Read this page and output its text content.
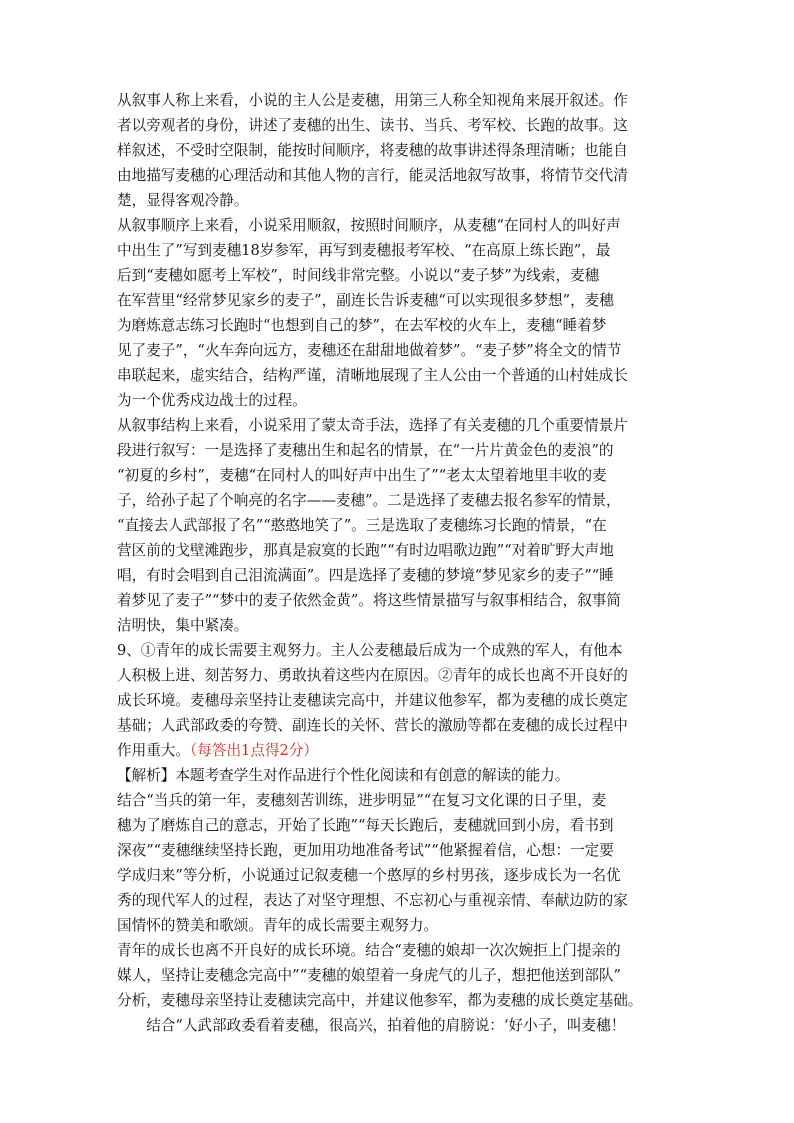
从叙事人称上来看，小说的主人公是麦穗，用第三人称全知视角来展开叙述。作
者以旁观者的身份，讲述了麦穗的出生、读书、当兵、考军校、长跑的故事。这
样叙述，不受时空限制，能按时间顺序，将麦穗的故事讲述得条理清晰；也能自
由地描写麦穗的心理活动和其他人物的言行，能灵活地叙写故事，将情节交代清
楚，显得客观冷静。

从叙事顺序上来看，小说采用顺叙，按照时间顺序，从麦穗“在同村人的叫好声
中出生了”写到麦穗18岁参军，再写到麦穗报考军校、“在高原上练长跑”，最
后到“麦穗如愿考上军校”，时间线非常完整。小说以“麦子梦”为线索，麦穗
在军营里“经常梦见家乡的麦子”，副连长告诉麦穗“可以实现很多梦想”，麦穗
为磨炼意志练习长跑时“也想到自己的梦”，在去军校的火车上，麦穗“睡着梦
见了麦子”，“火车奔向远方，麦穗还在甜甜地做着梦”。“麦子梦”将全文的情节
串联起来，虚实结合，结构严谨，清晰地展现了主人公由一个普通的山村娃成长
为一个优秀戍边战士的过程。

从叙事结构上来看，小说采用了蒙太奇手法，选择了有关麦穗的几个重要情景片
段进行叙写：一是选择了麦穗出生和起名的情景，在“一片片黄金色的麦浪”的
“初夏的乡村”，麦穗“在同村人的叫好声中出生了”“老太太望着地里丰收的麦
子，给孙子起了个响亮的名字——麦穗”。二是选择了麦穗去报名参军的情景，
“直接去人武部报了名”“憨憨地笑了”。三是选取了麦穗练习长跑的情景，“在
营区前的戈壁滩跑步，那真是寂寞的长跑”“有时边唱歌边跑”“对着旷野大声地
唱，有时会唱到自己泪流满面”。四是选择了麦穗的梦境“梦见家乡的麦子”“睡
着梦见了麦子”“梦中的麦子依然金黄”。将这些情景描写与叙事相结合，叙事简
洁明快，集中紧凑。

9、①青年的成长需要主观努力。主人公麦穗最后成为一个成熟的军人，有他本
人积极上进、刻苦努力、勇敢执着这些内在原因。②青年的成长也离不开良好的
成长环境。麦穗母亲坚持让麦穗读完高中，并建议他参军，都为麦穗的成长奠定
基础；人武部政委的夸赞、副连长的关怀、营长的激励等都在麦穗的成长过程中
作用重大。（每答出1点得2分）

【解析】本题考查学生对作品进行个性化阅读和有创意的解读的能力。

结合“当兵的第一年，麦穗刻苦训练，进步明显”“在复习文化课的日子里，麦
穗为了磨炼自己的意志，开始了长跑”“每天长跑后，麦穗就回到小房，看书到
深夜”“麦穗继续坚持长跑，更加用功地准备考试”“他紧握着信，心想：一定要
学成归来”等分析，小说通过记叙麦穗一个憨厚的乡村男孩，逐步成长为一名优
秀的现代军人的过程，表达了对坚守理想、不忘初心与重视亲情、奉献边防的家
国情怀的赞美和歌颂。青年的成长需要主观努力。

青年的成长也离不开良好的成长环境。结合“麦穗的娘却一次次婉拒上门提亲的
媒人，坚持让麦穗念完高中”“麦穗的娘望着一身虎气的儿子，想把他送到部队”
分析，麦穗母亲坚持让麦穗读完高中，并建议他参军，都为麦穗的成长奠定基础。

结合“人武部政委看着麦穗，很高兴，拍着他的肩膀说：‘好小子，叫麦穗！
